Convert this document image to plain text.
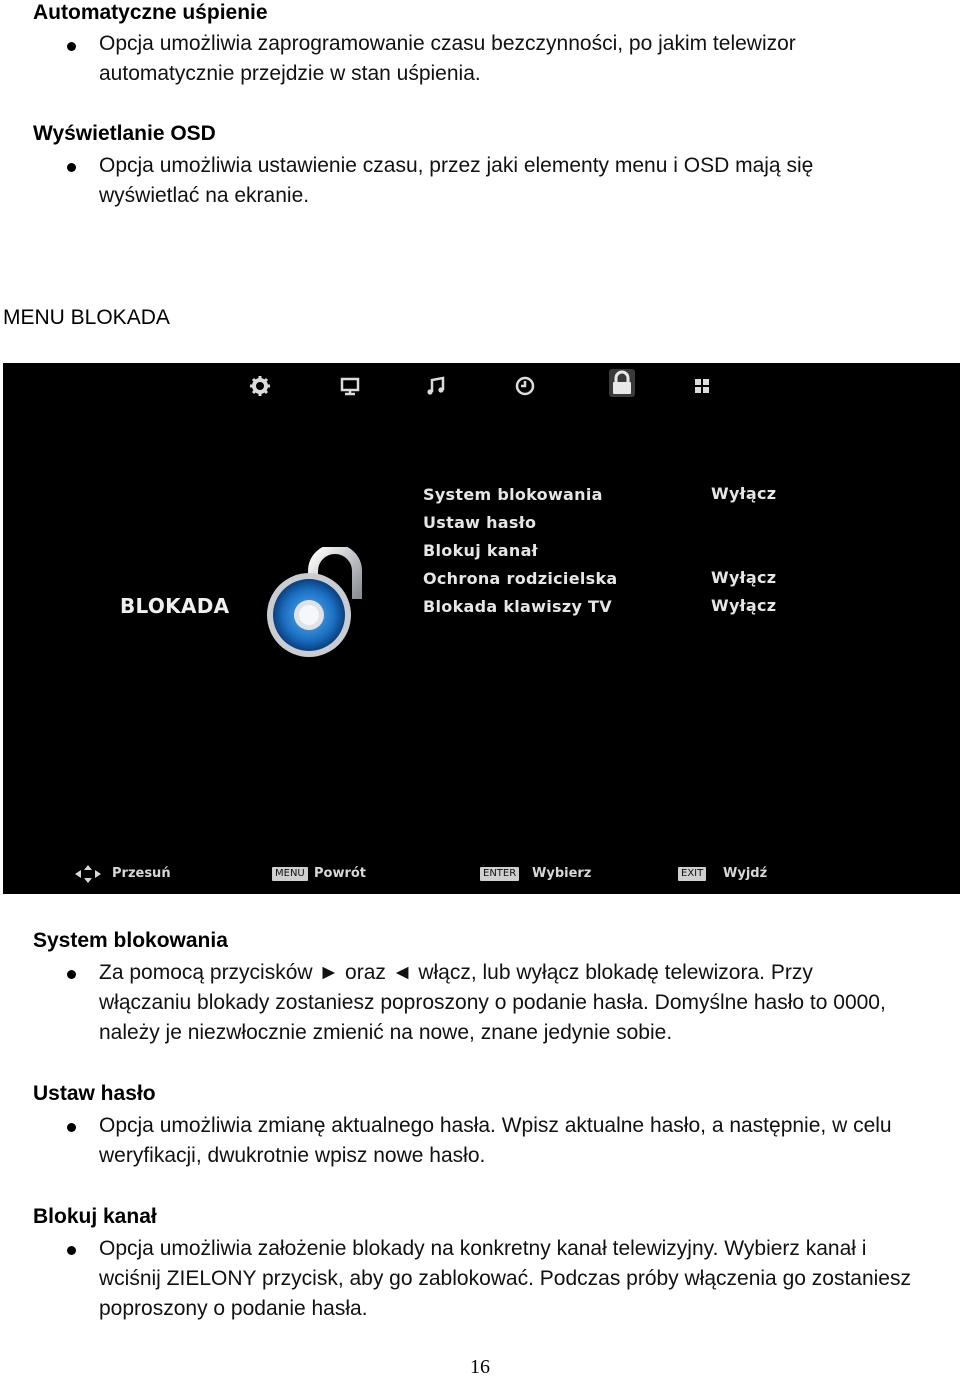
Automatyczne uśpienie
Opcja umożliwia zaprogramowanie czasu bezczynności, po jakim telewizor
automatycznie przejdzie w stan uśpienia.
Wyświetlanie OSD
Opcja umożliwia ustawienie czasu, przez jaki elementy menu i OSD mają się
wyświetlać na ekranie.
MENU BLOKADA
BLOKADA
System blokowania	Wyłącz
Ustaw hasło
Blokuj kanał
Ochrona rodzicielska	Wyłącz
Blokada klawiszy TV	Wyłącz
Przesuń	MENU Powrót	ENTER Wybierz	EXIT Wyjdź
System blokowania
Za pomocą przycisków ► oraz ◄ włącz, lub wyłącz blokadę telewizora. Przy
włączaniu blokady zostaniesz poproszony o podanie hasła. Domyślne hasło to 0000,
należy je niezwłocznie zmienić na nowe, znane jedynie sobie.
Ustaw hasło
Opcja umożliwia zmianę aktualnego hasła. Wpisz aktualne hasło, a następnie, w celu
weryfikacji, dwukrotnie wpisz nowe hasło.
Blokuj kanał
Opcja umożliwia założenie blokady na konkretny kanał telewizyjny. Wybierz kanał i
wciśnij ZIELONY przycisk, aby go zablokować. Podczas próby włączenia go zostaniesz
poproszony o podanie hasła.
16
